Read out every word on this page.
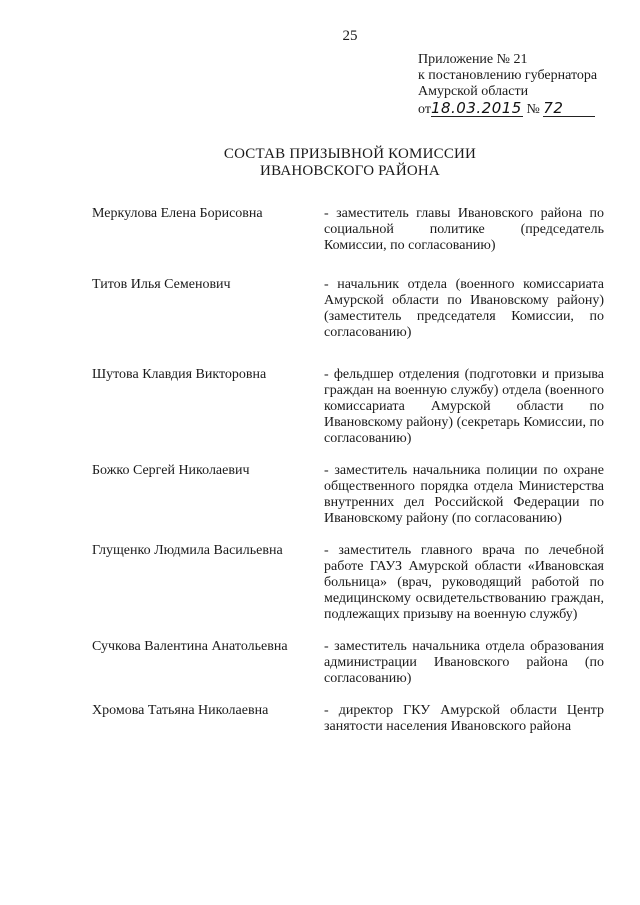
25
Приложение № 21
к постановлению губернатора
Амурской области
от18.03.2015 № 72
СОСТАВ ПРИЗЫВНОЙ КОМИССИИ
ИВАНОВСКОГО РАЙОНА
Меркулова Елена Борисовна	- заместитель главы Ивановского района по социальной политике (председатель Комиссии, по согласованию)
Титов Илья Семенович	- начальник отдела (военного комиссариата Амурской области по Ивановскому району) (заместитель председателя Комиссии, по согласованию)
Шутова Клавдия Викторовна	- фельдшер отделения (подготовки и призыва граждан на военную службу) отдела (военного комиссариата Амурской области по Ивановскому району) (секретарь Комиссии, по согласованию)
Божко Сергей Николаевич	- заместитель начальника полиции по охране общественного порядка отдела Министерства внутренних дел Российской Федерации по Ивановскому району (по согласованию)
Глущенко Людмила Васильевна	- заместитель главного врача по лечебной работе ГАУЗ Амурской области «Ивановская больница» (врач, руководящий работой по медицинскому освидетельствованию граждан, подлежащих призыву на военную службу)
Сучкова Валентина Анатольевна	- заместитель начальника отдела образования администрации Ивановского района (по согласованию)
Хромова Татьяна Николаевна	- директор ГКУ Амурской области Центр занятости населения Ивановского района
